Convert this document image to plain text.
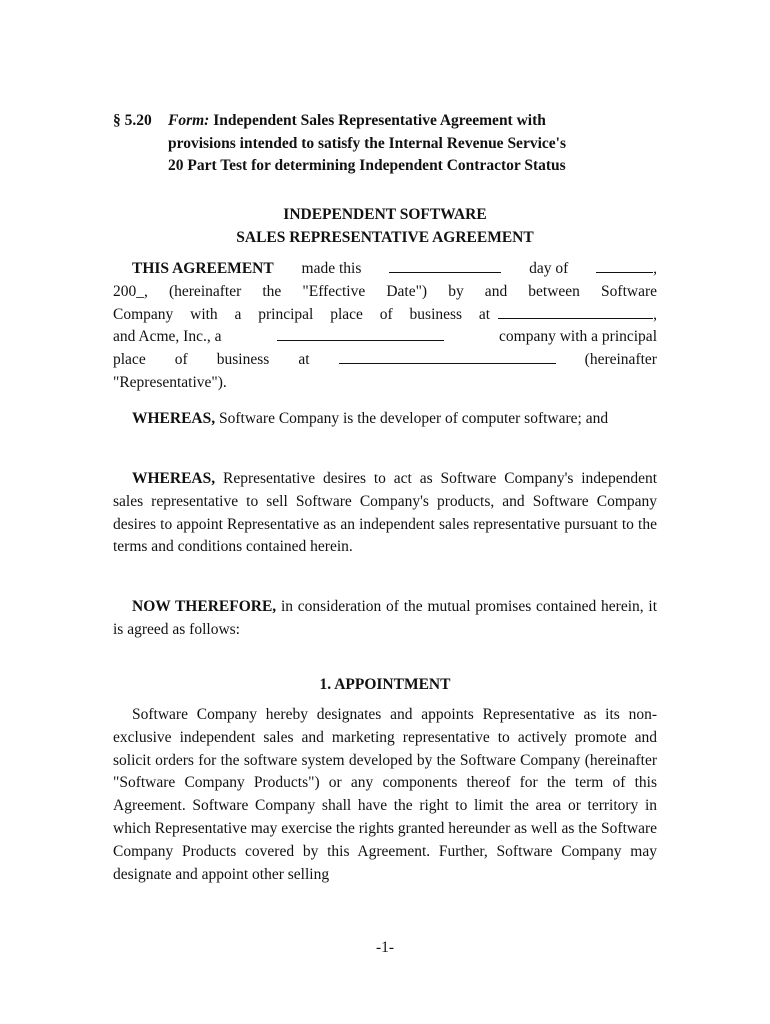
§ 5.20 Form: Independent Sales Representative Agreement with
provisions intended to satisfy the Internal Revenue Service's
20 Part Test for determining Independent Contractor Status
INDEPENDENT SOFTWARE
SALES REPRESENTATIVE AGREEMENT
THIS AGREEMENT made this	day of	,
200_, (hereinafter the "Effective Date") by and between Software
Company with a principal place of business at	,
and Acme, Inc., a	company with a principal
place of business at	(hereinafter
"Representative").
WHEREAS, Software Company is the developer of computer software; and
WHEREAS, Representative desires to act as Software Company's independent sales representative to sell Software Company's products, and Software Company desires to appoint Representative as an independent sales representative pursuant to the terms and conditions contained herein.
NOW THEREFORE, in consideration of the mutual promises contained herein, it is agreed as follows:
1. APPOINTMENT
Software Company hereby designates and appoints Representative as its non-exclusive independent sales and marketing representative to actively promote and solicit orders for the software system developed by the Software Company (hereinafter "Software Company Products") or any components thereof for the term of this Agreement. Software Company shall have the right to limit the area or territory in which Representative may exercise the rights granted hereunder as well as the Software Company Products covered by this Agreement. Further, Software Company may designate and appoint other selling
-1-
